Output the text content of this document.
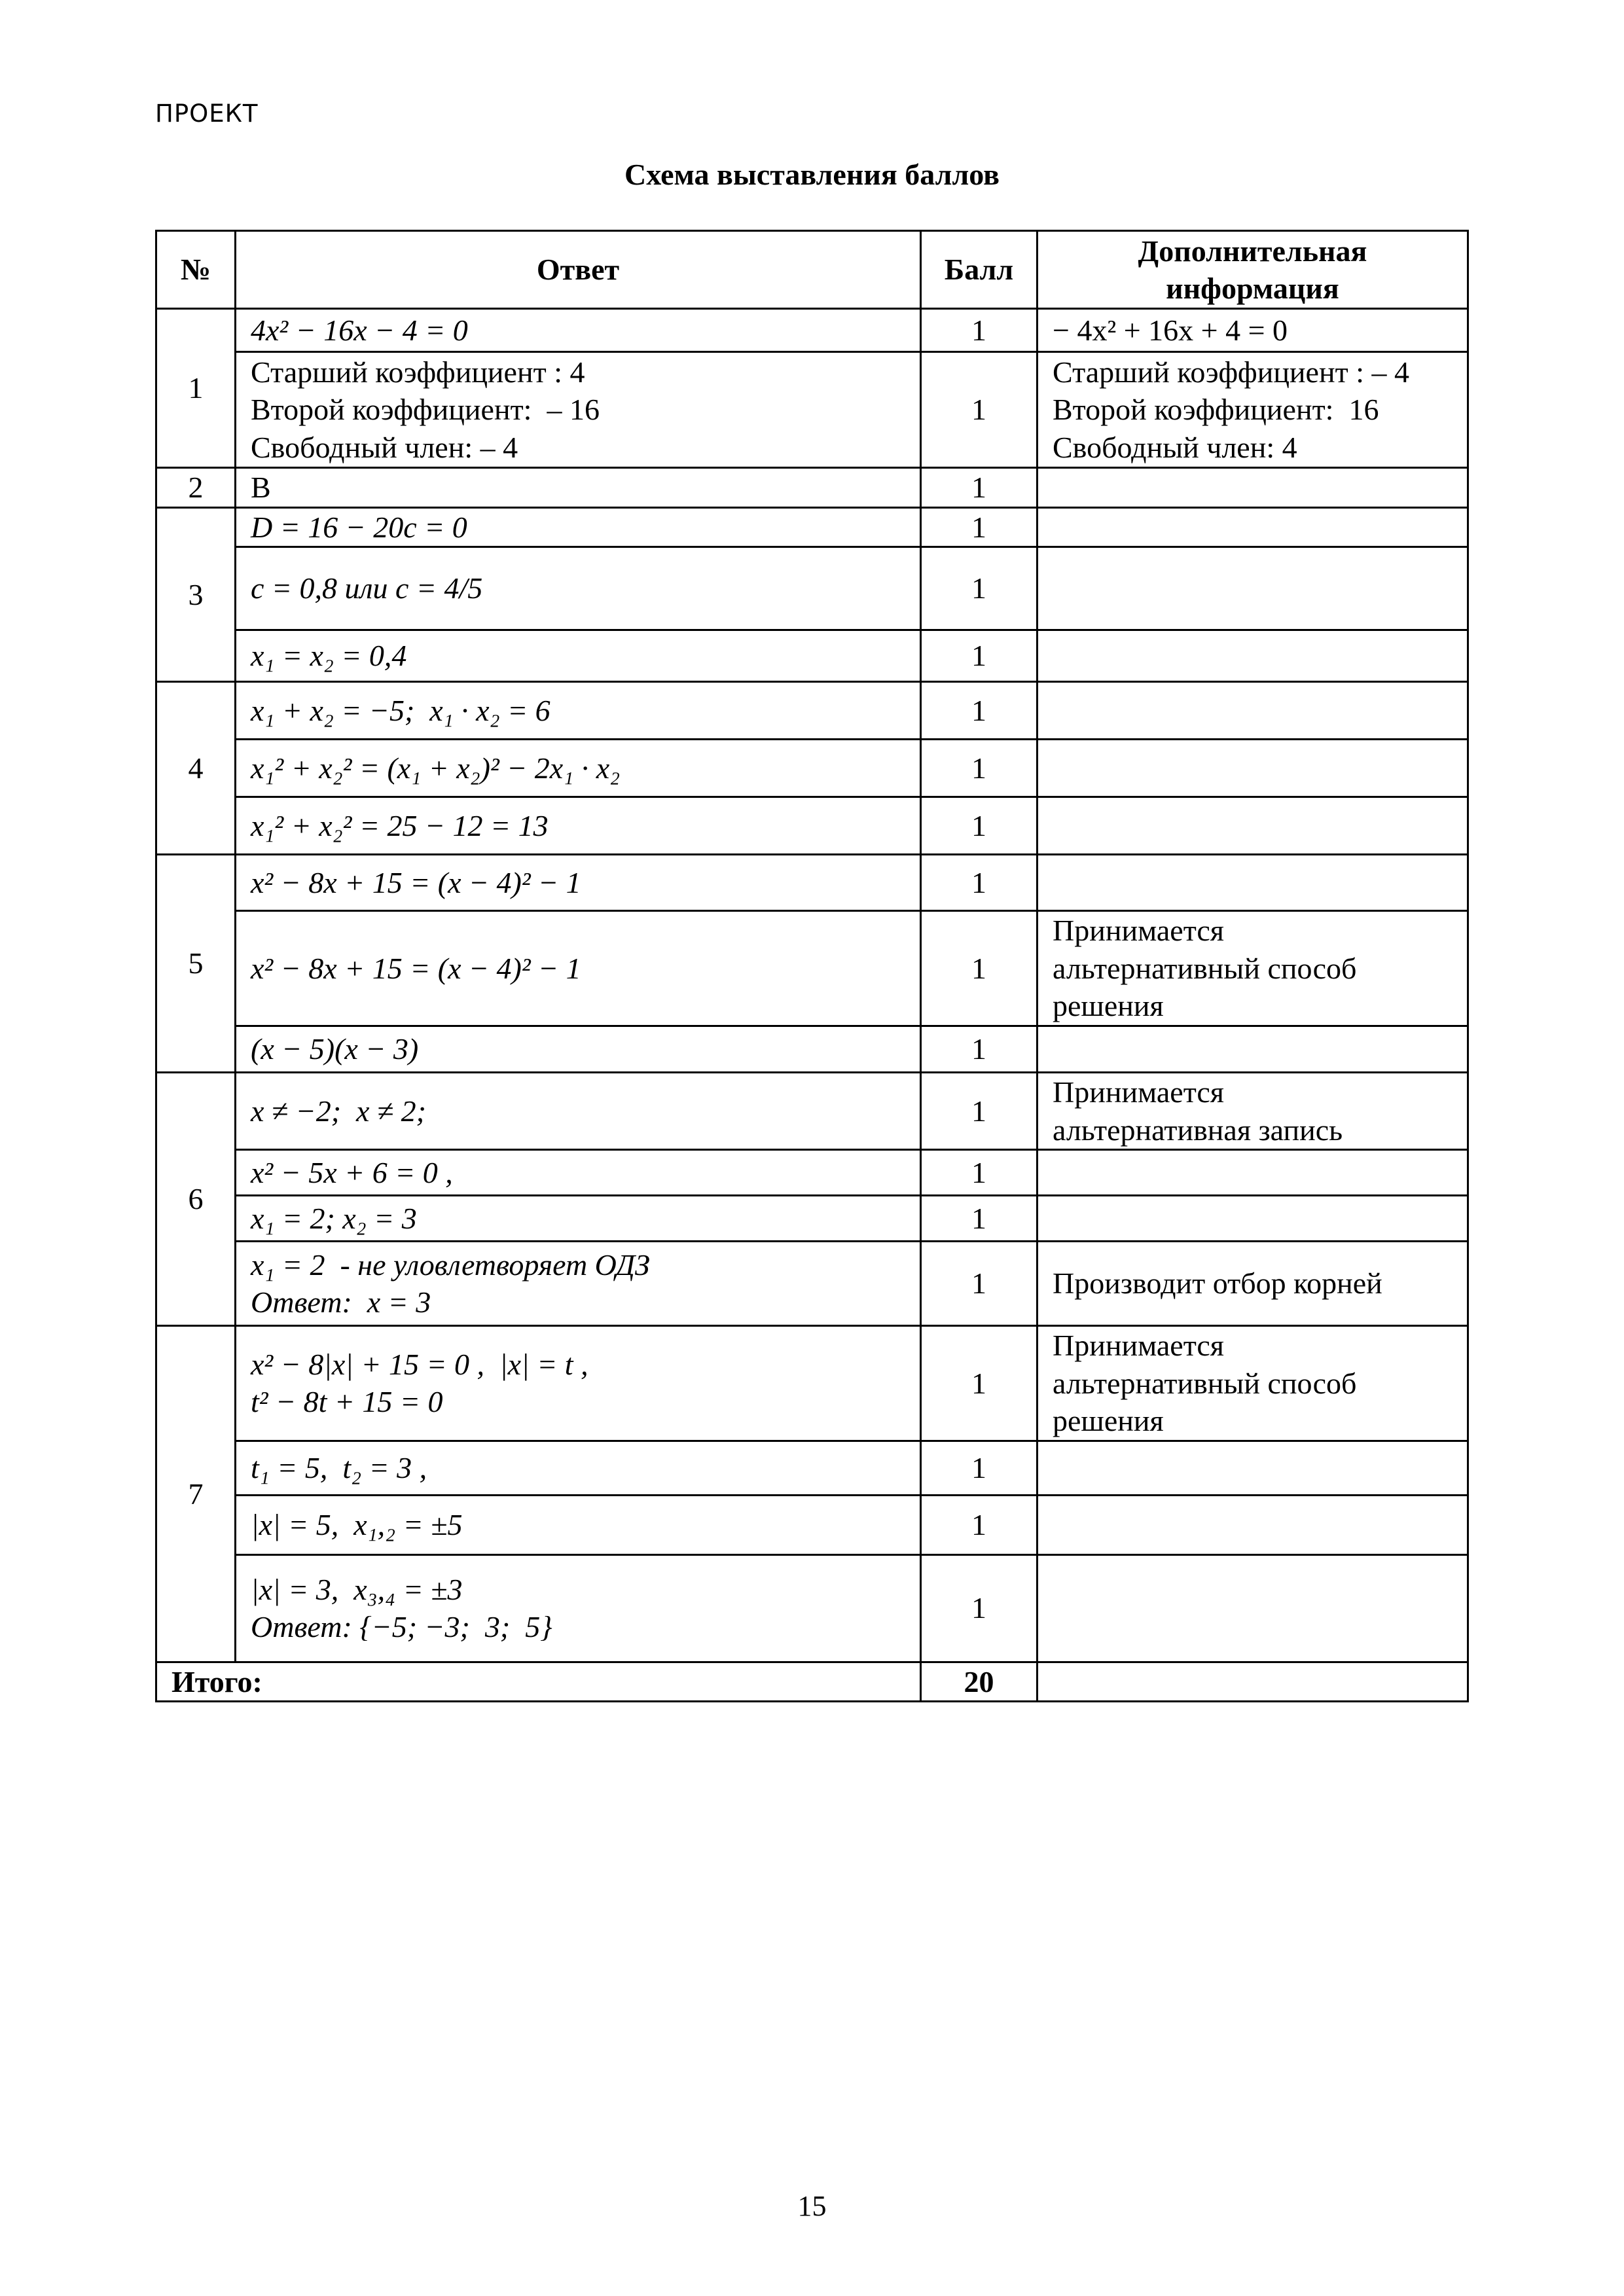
ПРОЕКТ
Схема выставления баллов
№	Ответ	Балл	Дополнительная информация
1	4x² − 16x − 4 = 0	1	− 4x² + 16x + 4 = 0
	Старший коэффициент : 4
Второй коэффициент:  – 16
Свободный член: – 4	1	Старший коэффициент : – 4
Второй коэффициент:  16
Свободный член: 4
2	В	1	
3	D = 16 − 20c = 0	1	
	c = 0,8 или c = 4/5	1	
	x₁ = x₂ = 0,4	1	
4	x₁ + x₂ = −5;  x₁ · x₂ = 6	1	
	x₁² + x₂² = (x₁ + x₂)² − 2x₁ · x₂	1	
	x₁² + x₂² = 25 − 12 = 13	1	
5	x² − 8x + 15 = (x − 4)² − 1	1	
	x² − 8x + 15 = (x − 4)² − 1	1	Принимается
альтернативный способ
решения
	(x − 5)(x − 3)	1	
6	x ≠ −2;  x ≠ 2;	1	Принимается
альтернативная запись
	x² − 5x + 6 = 0 ,	1	
	x₁ = 2; x₂ = 3	1	
	x₁ = 2  - не уловлетворяет ОДЗ
Ответ:  x = 3	1	Производит отбор корней
7	x² − 8|x| + 15 = 0 ,  |x| = t ,
t² − 8t + 15 = 0	1	Принимается
альтернативный способ
решения
	t₁ = 5,  t₂ = 3 ,	1	
	|x| = 5,  x₁,₂ = ±5	1	
	|x| = 3,  x₃,₄ = ±3
Ответ: {−5; −3;  3;  5}	1	
Итого:		20	
15
